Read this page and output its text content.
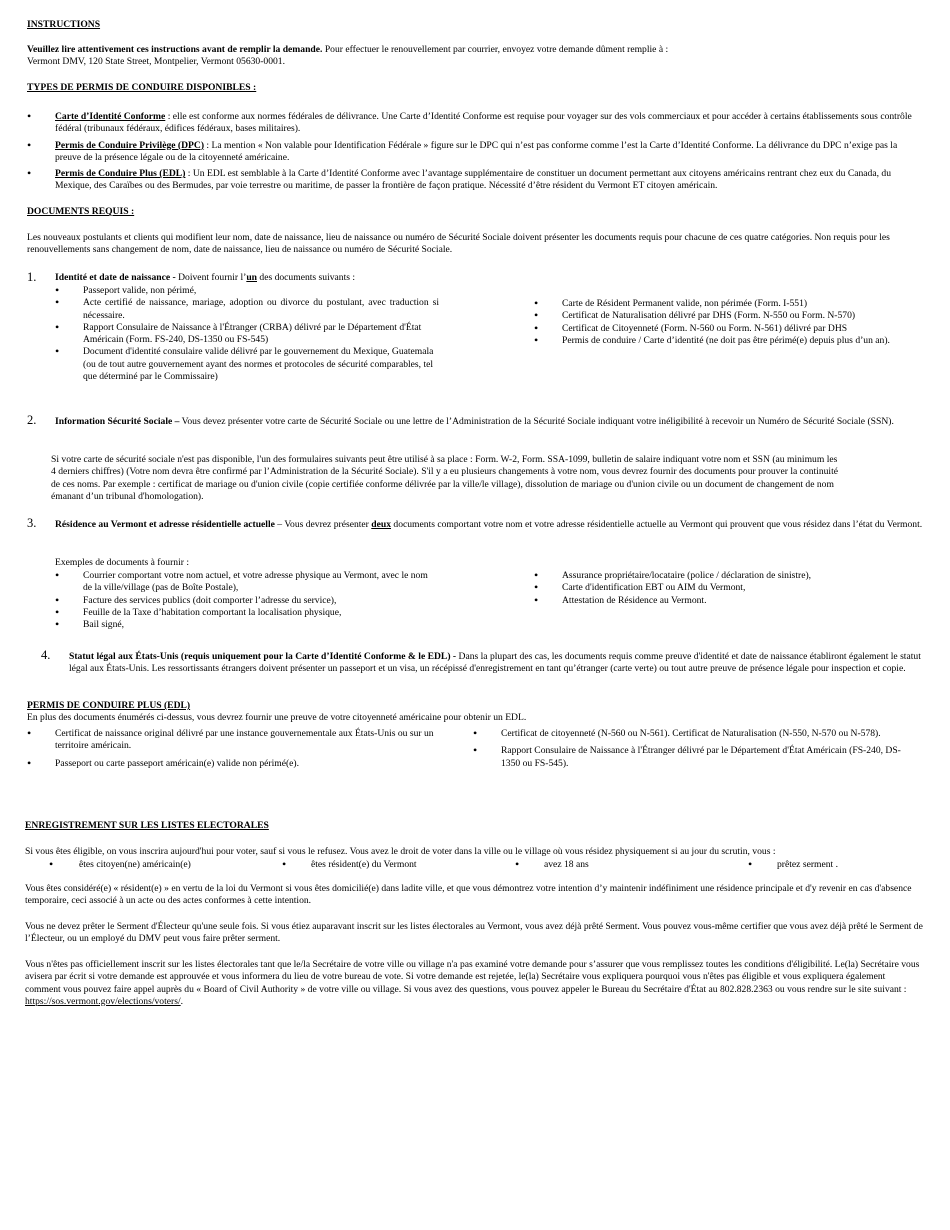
INSTRUCTIONS

Veuillez lire attentivement ces instructions avant de remplir la demande. Pour effectuer le renouvellement par courrier, envoyez votre demande dûment remplie à :
Vermont DMV, 120 State Street, Montpelier, Vermont 05630-0001.

TYPES DE PERMIS DE CONDUIRE DISPONIBLES :
• Carte d’Identité Conforme : elle est conforme aux normes fédérales de délivrance. Une Carte d’Identité Conforme est requise pour voyager sur des vols commerciaux et pour accéder à certains établissements sous contrôle fédéral (tribunaux fédéraux, édifices fédéraux, bases militaires).
• Permis de Conduire Privilège (DPC) : La mention « Non valable pour Identification Fédérale » figure sur le DPC qui n’est pas conforme comme l’est la Carte d’Identité Conforme. La délivrance du DPC n’exige pas la preuve de la présence légale ou de la citoyenneté américaine.
• Permis de Conduire Plus (EDL) : Un EDL est semblable à la Carte d’Identité Conforme avec l’avantage supplémentaire de constituer un document permettant aux citoyens américains rentrant chez eux du Canada, du Mexique, des Caraïbes ou des Bermudes, par voie terrestre ou maritime, de passer la frontière de façon pratique. Nécessité d’être résident du Vermont ET citoyen américain.
DOCUMENTS REQUIS :

Les nouveaux postulants et clients qui modifient leur nom, date de naissance, lieu de naissance ou numéro de Sécurité Sociale doivent présenter les documents requis pour chacune de ces quatre catégories. Non requis pour les renouvellements sans changement de nom, date de naissance, lieu de naissance ou numéro de Sécurité Sociale.

1. Identité et date de naissance - Doivent fournir l’un des documents suivants :

• Passeport valide, non périmé,
• Acte certifié de naissance, mariage, adoption ou divorce du postulant, avec traduction si nécessaire.
• Rapport Consulaire de Naissance à l'Étranger (CRBA) délivré par le Département d'État Américain (Form. FS-240, DS-1350 ou FS-545)
• Document d'identité consulaire valide délivré par le gouvernement du Mexique, Guatemala (ou de tout autre gouvernement ayant des normes et protocoles de sécurité comparables, tel que déterminé par le Commissaire)
• Carte de Résident Permanent valide, non périmée (Form. I-551)
• Certificat de Naturalisation délivré par DHS (Form. N-550 ou Form. N-570)
• Certificat de Citoyenneté (Form. N-560 ou Form. N-561) délivré par DHS
• Permis de conduire / Carte d’identité (ne doit pas être périmé(e) depuis plus d’un an).
2. Information Sécurité Sociale – Vous devez présenter votre carte de Sécurité Sociale ou une lettre de l’Administration de la Sécurité Sociale indiquant votre inéligibilité à recevoir un Numéro de Sécurité Sociale (SSN).

Si votre carte de sécurité sociale n'est pas disponible, l'un des formulaires suivants peut être utilisé à sa place : Form. W-2, Form. SSA-1099, bulletin de salaire indiquant votre nom et SSN (au minimum les 4 derniers chiffres) (Votre nom devra être confirmé par l’Administration de la Sécurité Sociale). S'il y a eu plusieurs changements à votre nom, vous devrez fournir des documents pour prouver la continuité de ces noms. Par exemple : certificat de mariage ou d'union civile (copie certifiée conforme délivrée par la ville/le village), dissolution de mariage ou d'union civile ou un document de changement de nom émanant d’un tribunal d'homologation).

3. Résidence au Vermont et adresse résidentielle actuelle – Vous devrez présenter deux documents comportant votre nom et votre adresse résidentielle actuelle au Vermont qui prouvent que vous résidez dans l’état du Vermont.

Exemples de documents à fournir :

• Courrier comportant votre nom actuel, et votre adresse physique au Vermont, avec le nom de la ville/village (pas de Boîte Postale),
• Facture des services publics (doit comporter l’adresse du service),
• Feuille de la Taxe d’habitation comportant la localisation physique,
• Bail signé,
• Assurance propriétaire/locataire (police / déclaration de sinistre),
• Carte d'identification EBT ou AIM du Vermont,
• Attestation de Résidence au Vermont.
4. Statut légal aux États-Unis (requis uniquement pour la Carte d’Identité Conforme & le EDL) - Dans la plupart des cas, les documents requis comme preuve d'identité et date de naissance établiront également le statut légal aux États-Unis. Les ressortissants étrangers doivent présenter un passeport et un visa, un récépissé d'enregistrement en tant qu’étranger (carte verte) ou tout autre preuve de présence légale pour inspection et copie.

PERMIS DE CONDUIRE PLUS (EDL)

En plus des documents énumérés ci-dessus, vous devrez fournir une preuve de votre citoyenneté américaine pour obtenir un EDL.

• Certificat de naissance original délivré par une instance gouvernementale aux États-Unis ou sur un territoire américain.
• Passeport ou carte passeport américain(e) valide non périmé(e).
• Certificat de citoyenneté (N-560 ou N-561). Certificat de Naturalisation (N-550, N-570 ou N-578).
• Rapport Consulaire de Naissance à l'Étranger délivré par le Département d'État Américain (FS-240, DS-1350 ou FS-545).
ENREGISTREMENT SUR LES LISTES ELECTORALES

Si vous êtes éligible, on vous inscrira aujourd'hui pour voter, sauf si vous le refusez. Vous avez le droit de voter dans la ville ou le village où vous résidez physiquement si au jour du scrutin, vous :

•	êtes citoyen(ne) américain(e)	•	êtes résident(e) du Vermont	•	avez 18 ans	•	prêtez serment .

Vous êtes considéré(e) « résident(e) » en vertu de la loi du Vermont si vous êtes domicilié(e) dans ladite ville, et que vous démontrez votre intention d’y maintenir indéfiniment une résidence principale et d'y revenir en cas d'absence temporaire, ceci associé à un acte ou des actes conformes à cette intention.

Vous ne devez prêter le Serment d'Électeur qu'une seule fois. Si vous étiez auparavant inscrit sur les listes électorales au Vermont, vous avez déjà prêté Serment. Vous pouvez vous-même certifier que vous avez déjà prêté le Serment de l’Électeur, ou un employé du DMV peut vous faire prêter serment.

Vous n'êtes pas officiellement inscrit sur les listes électorales tant que le/la Secrétaire de votre ville ou village n'a pas examiné votre demande pour s’assurer que vous remplissez toutes les conditions d'éligibilité. Le(la) Secrétaire vous avisera par écrit si votre demande est approuvée et vous informera du lieu de votre bureau de vote. Si votre demande est rejetée, le(la) Secrétaire vous expliquera pourquoi vous n'êtes pas éligible et vous expliquera également comment vous pouvez faire appel auprès du « Board of Civil Authority » de votre ville ou village. Si vous avez des questions, vous pouvez appeler le Bureau du Secrétaire d'État au 802.828.2363 ou vous rendre sur le site suivant : https://sos.vermont.gov/elections/voters/.
